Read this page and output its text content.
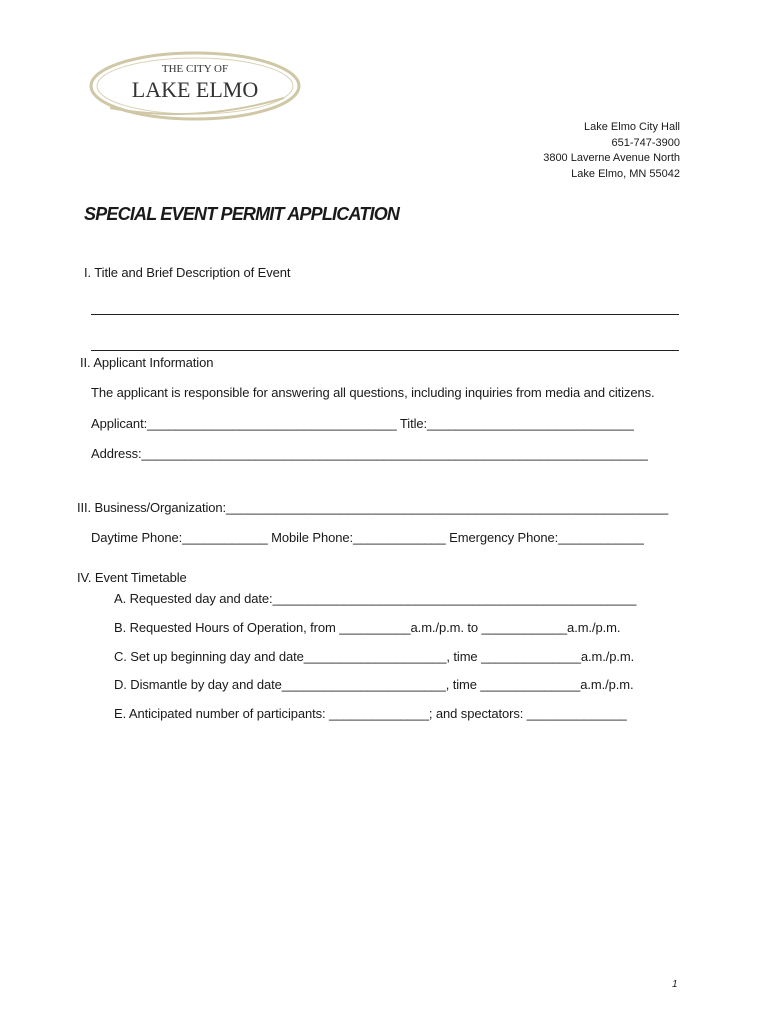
THE CITY OF
LAKE ELMO
Lake Elmo City Hall
651-747-3900
3800 Laverne Avenue North
Lake Elmo, MN 55042
SPECIAL EVENT PERMIT APPLICATION
I. Title and Brief Description of Event
II. Applicant Information
The applicant is responsible for answering all questions, including inquiries from media and citizens.
Applicant:___________________________________ Title:_____________________________
Address:_______________________________________________________________________
III. Business/Organization:______________________________________________________________
Daytime Phone:____________ Mobile Phone:_____________ Emergency Phone:____________
IV. Event Timetable
A. Requested day and date:___________________________________________________
B. Requested Hours of Operation, from __________a.m./p.m. to ____________a.m./p.m.
C. Set up beginning day and date____________________, time ______________a.m./p.m.
D. Dismantle by day and date_______________________, time ______________a.m./p.m.
E. Anticipated number of participants: ______________; and spectators: ______________
1
